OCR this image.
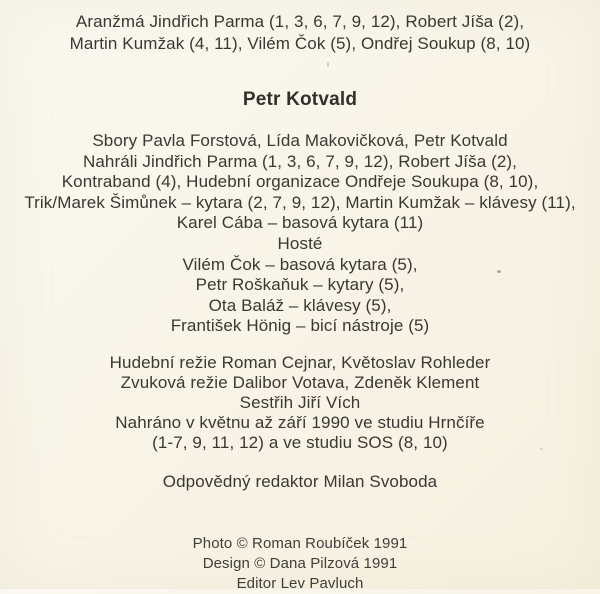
Aranžmá Jindřich Parma (1, 3, 6, 7, 9, 12), Robert Jíša (2),
Martin Kumžak (4, 11), Vilém Čok (5), Ondřej Soukup (8, 10)
Petr Kotvald
Sbory Pavla Forstová, Lída Makovičková, Petr Kotvald
Nahráli Jindřich Parma (1, 3, 6, 7, 9, 12), Robert Jíša (2),
Kontraband (4), Hudební organizace Ondřeje Soukupa (8, 10),
Trik/Marek Šimůnek – kytara (2, 7, 9, 12), Martin Kumžak – klávesy (11),
Karel Cába – basová kytara (11)
Hosté
Vilém Čok – basová kytara (5),
Petr Roškaňuk – kytary (5),
Ota Baláž – klávesy (5),
František Hönig – bicí nástroje (5)
Hudební režie Roman Cejnar, Květoslav Rohleder
Zvuková režie Dalibor Votava, Zdeněk Klement
Sestřih Jiří Vích
Nahráno v květnu až září 1990 ve studiu Hrnčíře
(1-7, 9, 11, 12) a ve studiu SOS (8, 10)
Odpovědný redaktor Milan Svoboda
Photo © Roman Roubíček 1991
Design © Dana Pilzová 1991
Editor Lev Pavluch
